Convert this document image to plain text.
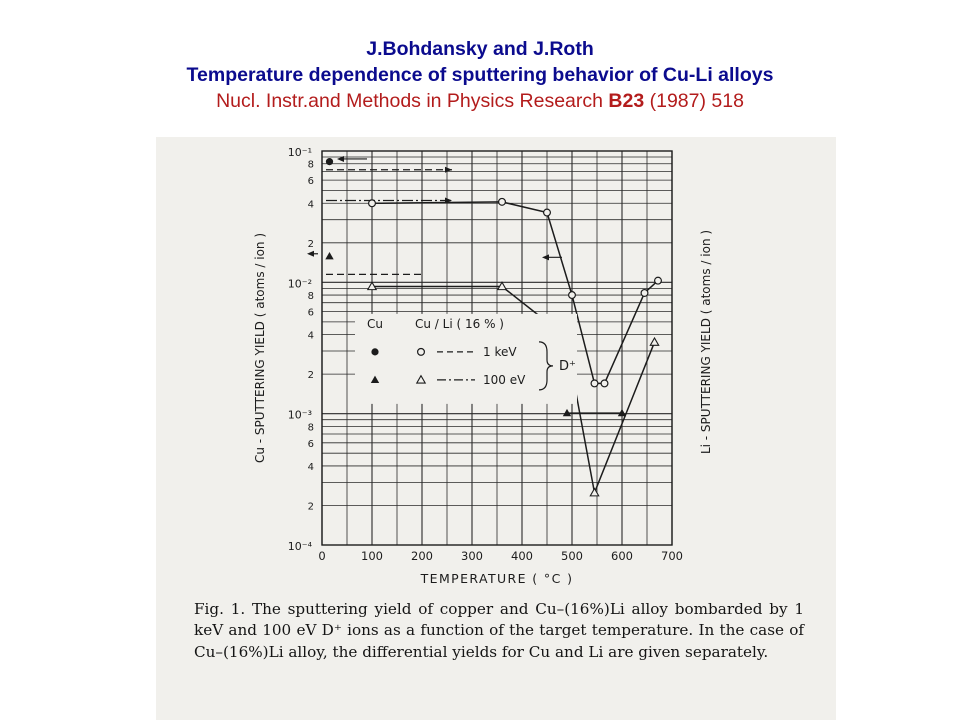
J.Bohdansky and J.Roth
Temperature dependence of sputtering behavior of Cu-Li alloys
Nucl. Instr.and Methods in Physics Research B23 (1987) 518
2
4
6
8
2
4
6
8
2
4
6
8
10⁻¹
10⁻²
10⁻³
10⁻⁴
0	100 200 300 400 500 600 700
TEMPERATURE ( °C )
Cu - SPUTTERING YIELD ( atoms / ion )	Li - SPUTTERING YIELD ( atoms / ion )
Cu	Cu / Li ( 16 % )
1 keV
100 eV
D⁺
Fig. 1. The sputtering yield of copper and Cu–(16%)Li alloy bombarded by 1 keV and 100 eV D⁺ ions as a function of the target temperature. In the case of Cu–(16%)Li alloy, the differential yields for Cu and Li are given separately.
